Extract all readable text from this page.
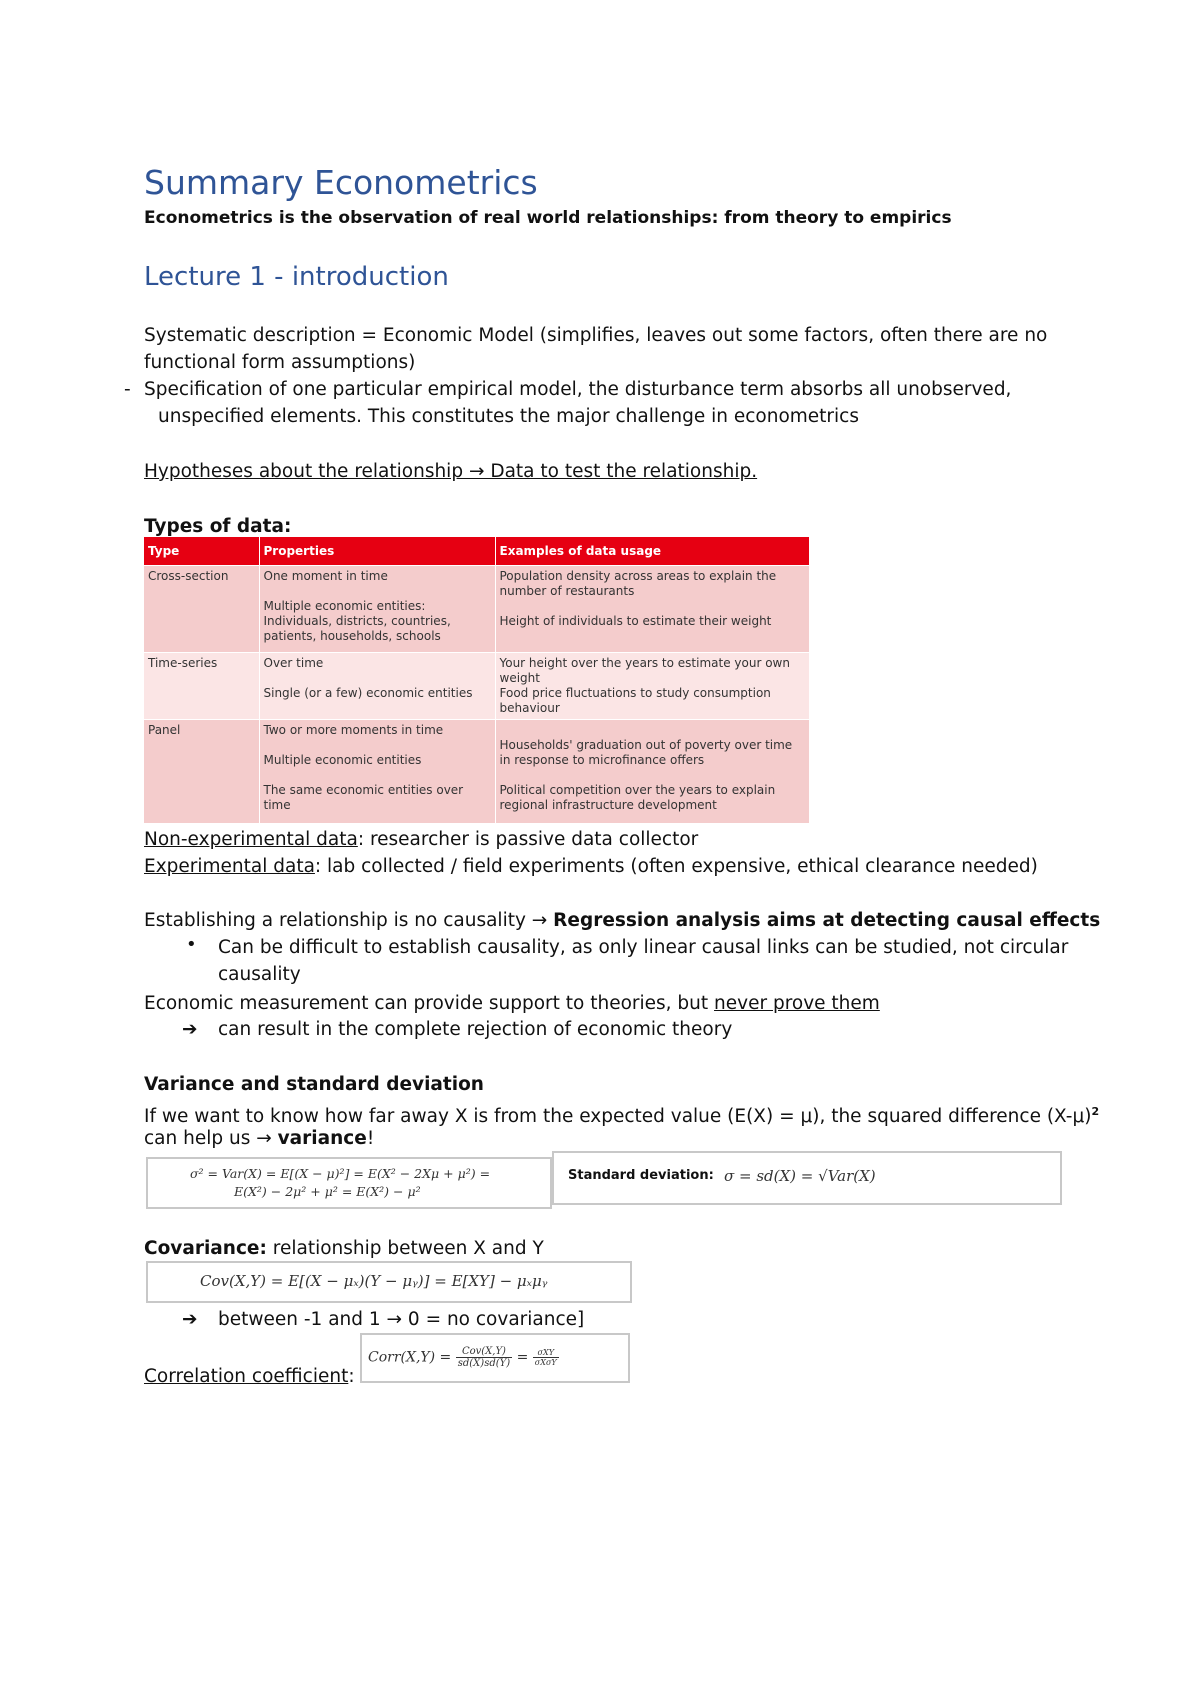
Summary Econometrics
Econometrics is the observation of real world relationships: from theory to empirics
Lecture 1 - introduction
Systematic description = Economic Model (simplifies, leaves out some factors, often there are no
functional form assumptions)
- Specification of one particular empirical model, the disturbance term absorbs all unobserved,
unspecified elements. This constitutes the major challenge in econometrics
Hypotheses about the relationship → Data to test the relationship.
Types of data:
Type	Properties	Examples of data usage
Cross-section	One moment in time
Multiple economic entities:
Individuals, districts, countries,
patients, households, schools	Population density across areas to explain the
number of restaurants
Height of individuals to estimate their weight

Time-series	Over time
Single (or a few) economic entities	Your height over the years to estimate your own
weight
Food price fluctuations to study consumption
behaviour

Panel	Two or more moments in time
Multiple economic entities
The same economic entities over
time	Households' graduation out of poverty over time
in response to microfinance offers
Political competition over the years to explain
regional infrastructure development
Non-experimental data: researcher is passive data collector
Experimental data: lab collected / field experiments (often expensive, ethical clearance needed)
Establishing a relationship is no causality → Regression analysis aims at detecting causal effects
• Can be difficult to establish causality, as only linear causal links can be studied, not circular
causality
Economic measurement can provide support to theories, but never prove them
➔ can result in the complete rejection of economic theory
Variance and standard deviation
If we want to know how far away X is from the expected value (E(X) = μ), the squared difference $(X-\mu)^2$
can help us → variance!
σ² = Var(X) = E[(X − μ)²] = E(X² − 2Xμ + μ²) =
E(X²) − 2μ² + μ² = E(X²) − μ²
Standard deviation: σ = sd(X) = √Var(X)
Covariance: relationship between X and Y
Cov(X,Y) = E[(X − μₓ)(Y − μᵧ)] = E[XY] − μₓμᵧ
➔ between -1 and 1 → 0 = no covariance]
Correlation coefficient:
Corr(X,Y) = $\frac{\text{Cov(X,Y)}}{sd(X)sd(Y)} = \frac{\text{σXY}}{\text{σXσY}}$
